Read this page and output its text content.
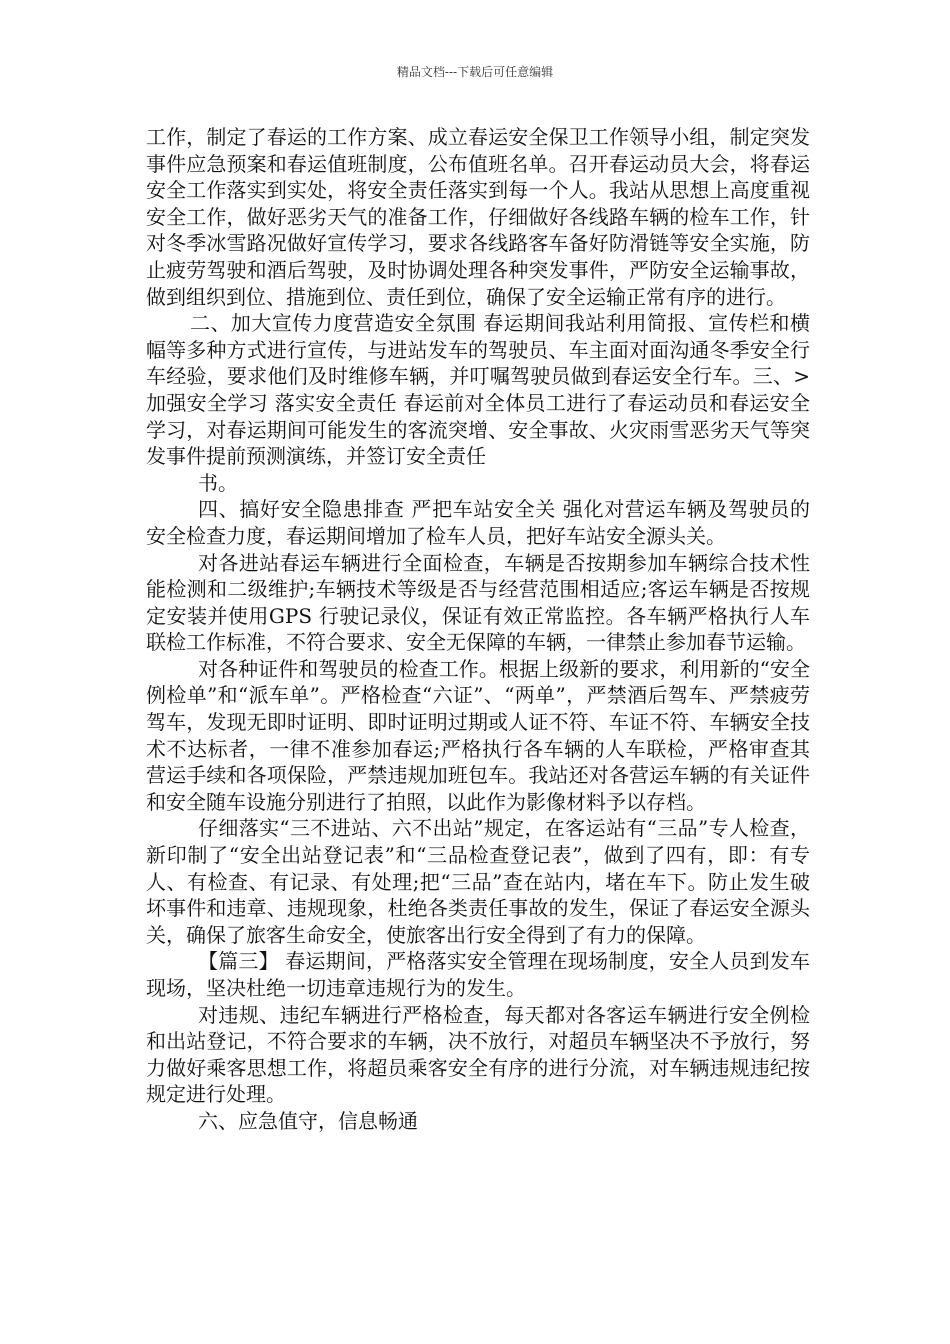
精品文档---下载后可任意编辑

工作，制定了春运的工作方案、成立春运安全保卫工作领导小组，制定突发事件应急预案和春运值班制度，公布值班名单。召开春运动员大会，将春运安全工作落实到实处，将安全责任落实到每一个人。我站从思想上高度重视安全工作，做好恶劣天气的准备工作，仔细做好各线路车辆的检车工作，针对冬季冰雪路况做好宣传学习，要求各线路客车备好防滑链等安全实施，防止疲劳驾驶和酒后驾驶，及时协调处理各种突发事件，严防安全运输事故，做到组织到位、措施到位、责任到位，确保了安全运输正常有序的进行。

二、加大宣传力度营造安全氛围 春运期间我站利用简报、宣传栏和横幅等多种方式进行宣传，与进站发车的驾驶员、车主面对面沟通冬季安全行车经验，要求他们及时维修车辆，并叮嘱驾驶员做到春运安全行车。三、>加强安全学习 落实安全责任 春运前对全体员工进行了春运动员和春运安全学习，对春运期间可能发生的客流突增、安全事故、火灾雨雪恶劣天气等突发事件提前预测演练，并签订安全责任

书。

四、搞好安全隐患排查 严把车站安全关 强化对营运车辆及驾驶员的安全检查力度，春运期间增加了检车人员，把好车站安全源头关。

对各进站春运车辆进行全面检查，车辆是否按期参加车辆综合技术性能检测和二级维护;车辆技术等级是否与经营范围相适应;客运车辆是否按规定安装并使用GPS 行驶记录仪，保证有效正常监控。各车辆严格执行人车联检工作标准，不符合要求、安全无保障的车辆，一律禁止参加春节运输。

对各种证件和驾驶员的检查工作。根据上级新的要求，利用新的“安全例检单”和“派车单”。严格检查“六证”、“两单”，严禁酒后驾车、严禁疲劳驾车，发现无即时证明、即时证明过期或人证不符、车证不符、车辆安全技术不达标者，一律不准参加春运;严格执行各车辆的人车联检，严格审查其营运手续和各项保险，严禁违规加班包车。我站还对各营运车辆的有关证件和安全随车设施分别进行了拍照，以此作为影像材料予以存档。

仔细落实“三不进站、六不出站”规定，在客运站有“三品”专人检查，新印制了“安全出站登记表”和“三品检查登记表”，做到了四有，即：有专人、有检查、有记录、有处理;把“三品”查在站内，堵在车下。防止发生破坏事件和违章、违规现象，杜绝各类责任事故的发生，保证了春运安全源头关，确保了旅客生命安全，使旅客出行安全得到了有力的保障。

【篇三】 春运期间，严格落实安全管理在现场制度，安全人员到发车现场，坚决杜绝一切违章违规行为的发生。

对违规、违纪车辆进行严格检查，每天都对各客运车辆进行安全例检和出站登记，不符合要求的车辆，决不放行，对超员车辆坚决不予放行，努力做好乘客思想工作，将超员乘客安全有序的进行分流，对车辆违规违纪按规定进行处理。

六、应急值守，信息畅通
